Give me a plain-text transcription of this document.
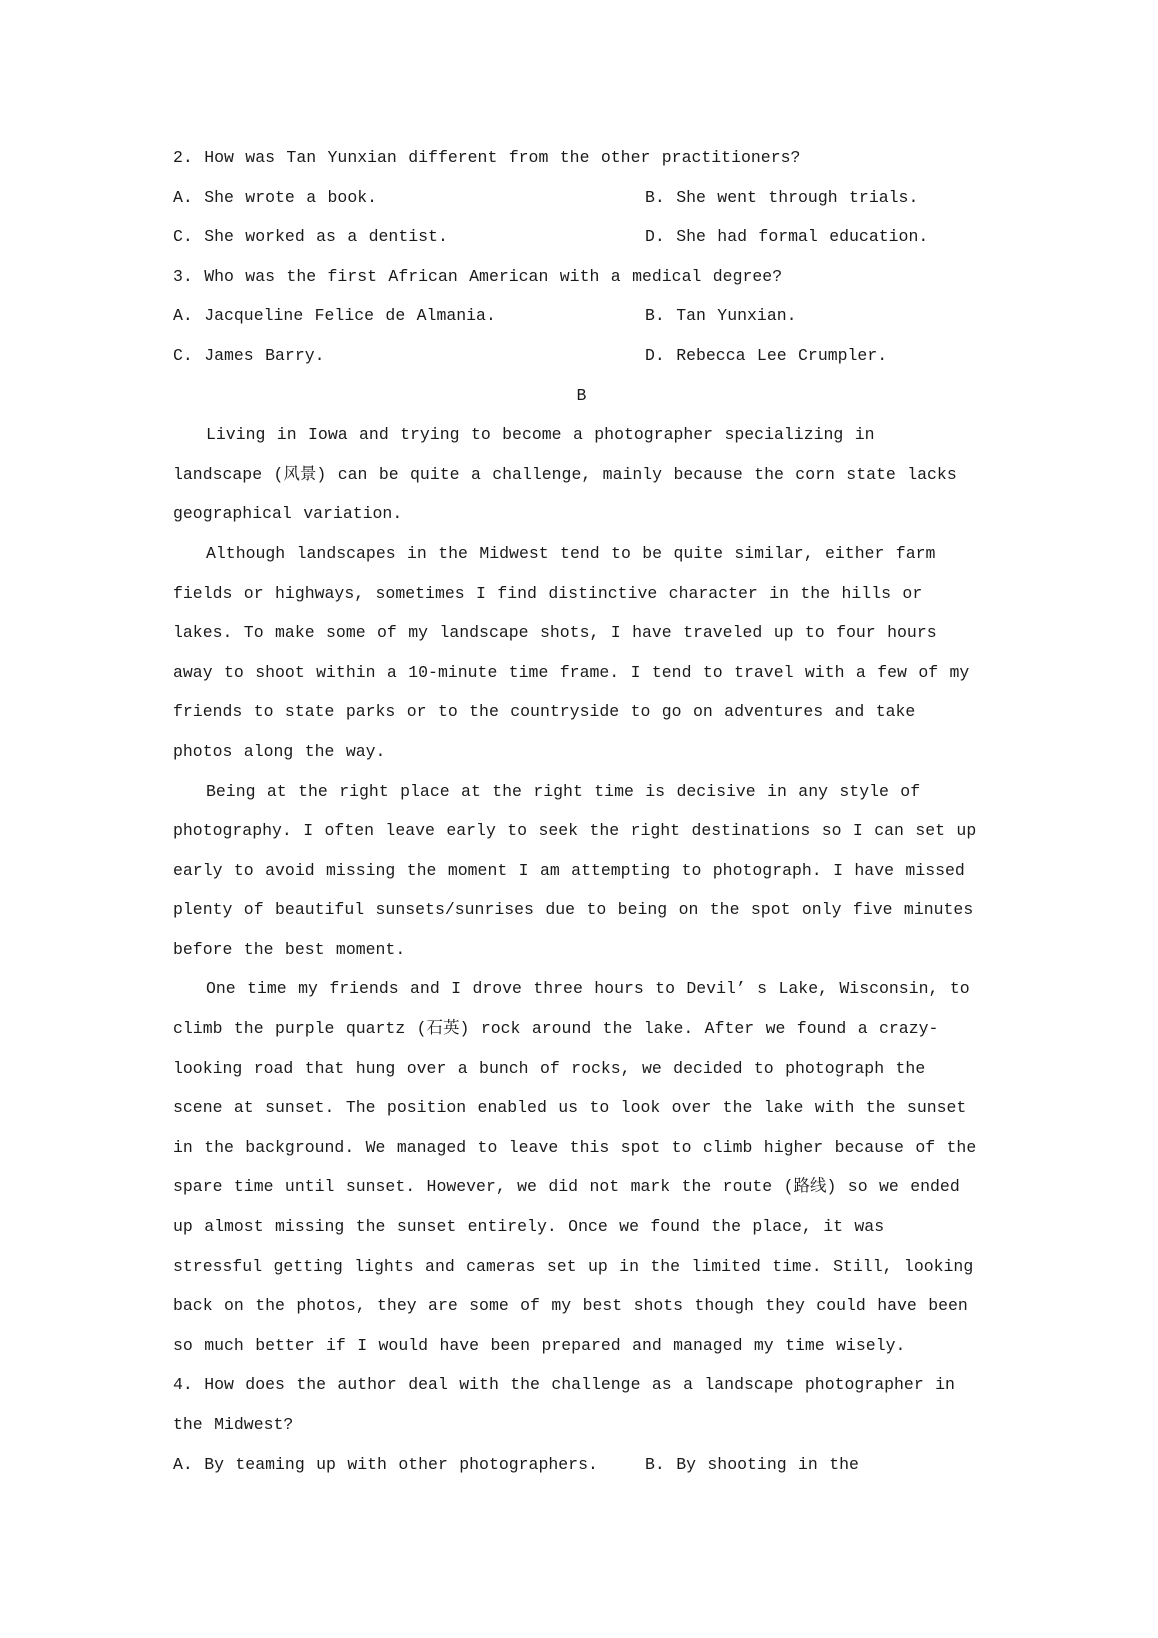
2. How was Tan Yunxian different from the other practitioners?
A. She wrote a book.	B. She went through trials.
C. She worked as a dentist.	D. She had formal education.
3. Who was the first African American with a medical degree?
A. Jacqueline Felice de Almania.	B. Tan Yunxian.
C. James Barry.	D. Rebecca Lee Crumpler.
B
Living in Iowa and trying to become a photographer specializing in
landscape (风景) can be quite a challenge, mainly because the corn state lacks
geographical variation.
Although landscapes in the Midwest tend to be quite similar, either farm
fields or highways, sometimes I find distinctive character in the hills or
lakes. To make some of my landscape shots, I have traveled up to four hours
away to shoot within a 10-minute time frame. I tend to travel with a few of my
friends to state parks or to the countryside to go on adventures and take
photos along the way.
Being at the right place at the right time is decisive in any style of
photography. I often leave early to seek the right destinations so I can set up
early to avoid missing the moment I am attempting to photograph. I have missed
plenty of beautiful sunsets/sunrises due to being on the spot only five minutes
before the best moment.
One time my friends and I drove three hours to Devil’ s Lake, Wisconsin, to
climb the purple quartz (石英) rock around the lake. After we found a crazy-
looking road that hung over a bunch of rocks, we decided to photograph the
scene at sunset. The position enabled us to look over the lake with the sunset
in the background. We managed to leave this spot to climb higher because of the
spare time until sunset. However, we did not mark the route (路线) so we ended
up almost missing the sunset entirely. Once we found the place, it was
stressful getting lights and cameras set up in the limited time. Still, looking
back on the photos, they are some of my best shots though they could have been
so much better if I would have been prepared and managed my time wisely.
4. How does the author deal with the challenge as a landscape photographer in
the Midwest?
A. By teaming up with other photographers.	B. By shooting in the
